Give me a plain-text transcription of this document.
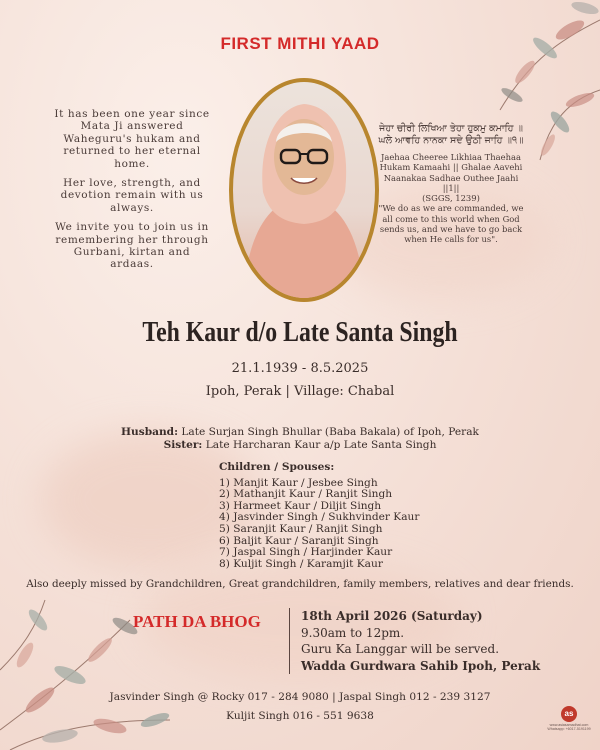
FIRST MITHI YAAD

It has been one year since Mata Ji answered Waheguru's hukam and returned to her eternal home.

Her love, strength, and devotion remain with us always.

We invite you to join us in remembering her through Gurbani, kirtan and ardaas.

ਜੇਹਾ ਚੀਰੀ ਲਿਖਿਆ ਤੇਹਾ ਹੁਕਮੁ ਕਮਾਹਿ ॥
ਘਲੇ ਆਵਹਿ ਨਾਨਕਾ ਸਦੇ ਉਠੀ ਜਾਹਿ ॥੧॥
Jaehaa Cheeree Likhiaa Thaehaa
Hukam Kamaahi || Ghalae Aavehi
Naanakaa Sadhae Outhee Jaahi ||1||
(SGGS, 1239)
"We do as we are commanded, we all come to this world when God sends us, and we have to go back when He calls for us".
Teh Kaur d/o Late Santa Singh
21.1.1939 - 8.5.2025
Ipoh, Perak | Village: Chabal
Husband: Late Surjan Singh Bhullar (Baba Bakala) of Ipoh, Perak
Sister: Late Harcharan Kaur a/p Late Santa Singh
Children / Spouses:
1) Manjit Kaur / Jesbee Singh
2) Mathanjit Kaur / Ranjit Singh
3) Harmeet Kaur / Diljit Singh
4) Jasvinder Singh / Sukhvinder Kaur
5) Saranjit Kaur / Ranjit Singh
6) Baljit Kaur / Saranjit Singh
7) Jaspal Singh / Harjinder Kaur
8) Kuljit Singh / Karamjit Kaur
Also deeply missed by Grandchildren, Great grandchildren, family members, relatives and dear friends.
PATH DA BHOG	18th April 2026 (Saturday)
9.30am to 12pm.
Guru Ka Langgar will be served.
Wadda Gurdwara Sahib Ipoh, Perak
Jasvinder Singh @ Rocky 017 - 284 9080 | Jaspal Singh 012 - 239 3127
Kuljit Singh 016 - 551 9638	as
www.asiasamadhat.com
Whatsapp: +6017-5191199
